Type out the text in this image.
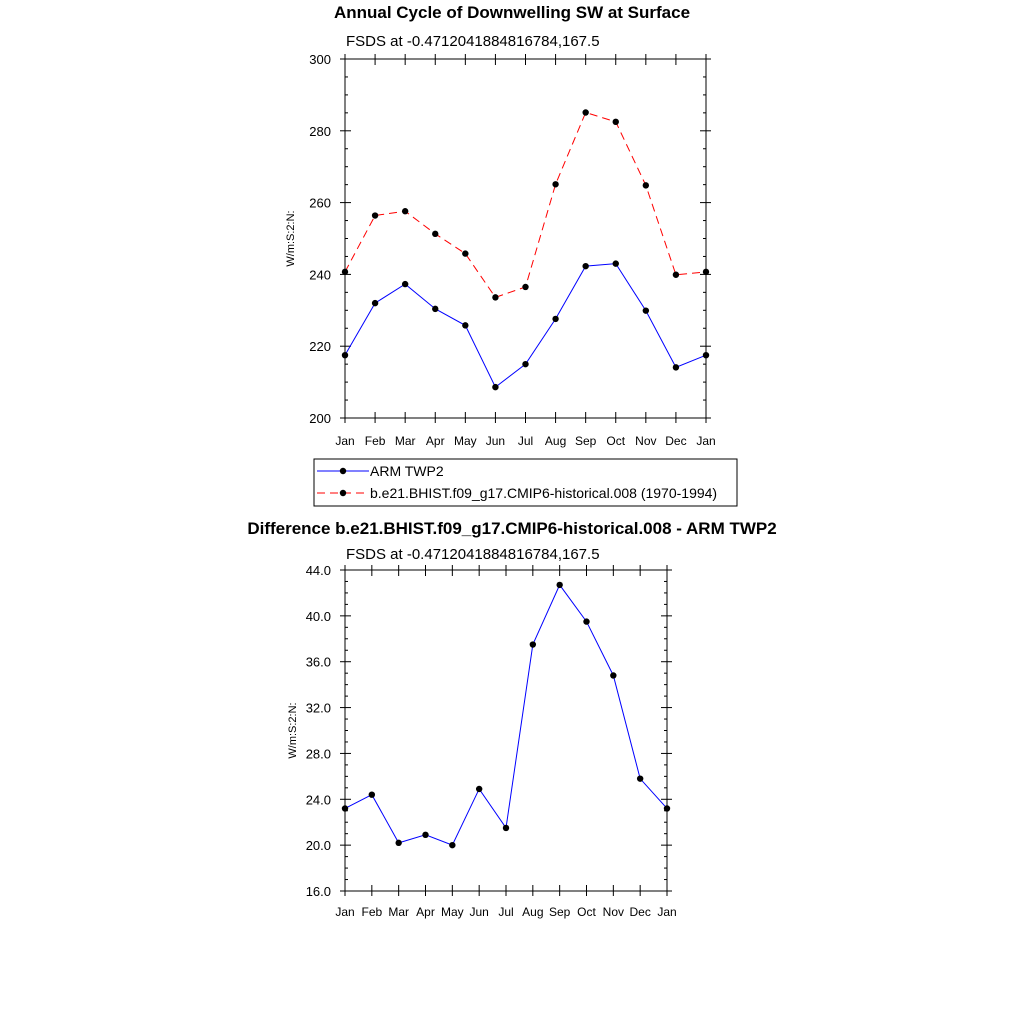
Annual Cycle of Downwelling SW at Surface
FSDS at -0.4712041884816784,167.5
200
220
240
260
280
300
Jan Feb Mar Apr May Jun Jul Aug Sep Oct Nov Dec Jan
W/m:S:2:N:
ARM TWP2
b.e21.BHIST.f09_g17.CMIP6-historical.008 (1970-1994)
Difference b.e21.BHIST.f09_g17.CMIP6-historical.008 - ARM TWP2
FSDS at -0.4712041884816784,167.5
16.0
20.0
24.0
28.0
32.0
36.0
40.0
44.0
Jan Feb Mar Apr May Jun Jul Aug Sep Oct Nov Dec Jan
W/m:S:2:N:
